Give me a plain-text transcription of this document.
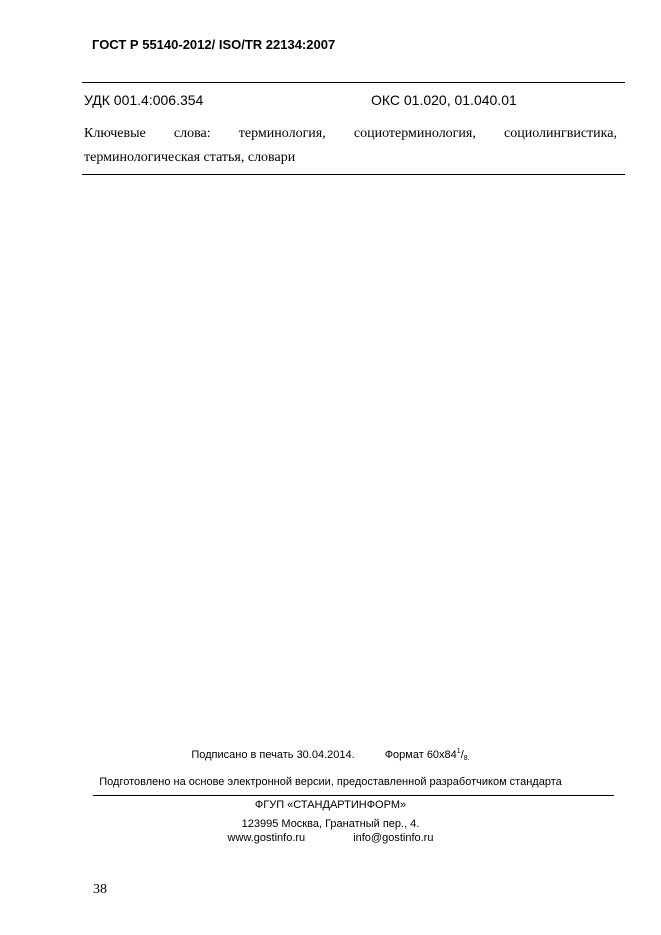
ГОСТ Р 55140-2012/ ISO/TR 22134:2007
УДК 001.4:006.354	ОКС 01.020, 01.040.01
Ключевые слова: терминология, социотерминология, социолингвистика,
терминологическая статья, словари
Подписано в печать 30.04.2014.	Формат $60x84^1/8$.
Подготовлено на основе электронной версии, предоставленной разработчиком стандарта
ФГУП «СТАНДАРТИНФОРМ»
123995 Москва, Гранатный пер., 4.
www.gostinfo.ru	info@gostinfo.ru
38
